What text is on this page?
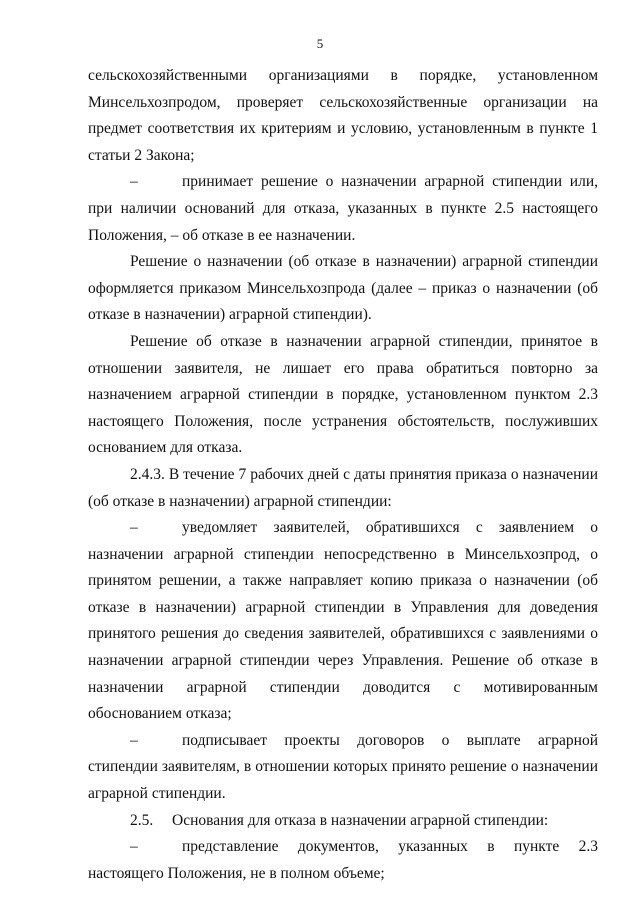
5

сельскохозяйственными организациями в порядке, установленном Минсельхозпродом, проверяет сельскохозяйственные организации на предмет соответствия их критериям и условию, установленным в пункте 1 статьи 2 Закона;

–	принимает решение о назначении аграрной стипендии или, при наличии оснований для отказа, указанных в пункте 2.5 настоящего Положения, – об отказе в ее назначении.

Решение о назначении (об отказе в назначении) аграрной стипендии оформляется приказом Минсельхозпрода (далее – приказ о назначении (об отказе в назначении) аграрной стипендии).

Решение об отказе в назначении аграрной стипендии, принятое в отношении заявителя, не лишает его права обратиться повторно за назначением аграрной стипендии в порядке, установленном пунктом 2.3 настоящего Положения, после устранения обстоятельств, послуживших основанием для отказа.

2.4.3. В течение 7 рабочих дней с даты принятия приказа о назначении (об отказе в назначении) аграрной стипендии:

–	уведомляет заявителей, обратившихся с заявлением о назначении аграрной стипендии непосредственно в Минсельхозпрод, о принятом решении, а также направляет копию приказа о назначении (об отказе в назначении) аграрной стипендии в Управления для доведения принятого решения до сведения заявителей, обратившихся с заявлениями о назначении аграрной стипендии через Управления. Решение об отказе в назначении аграрной стипендии доводится с мотивированным обоснованием отказа;

–	подписывает проекты договоров о выплате аграрной стипендии заявителям, в отношении которых принято решение о назначении аграрной стипендии.

2.5. Основания для отказа в назначении аграрной стипендии:

–	представление документов, указанных в пункте 2.3 настоящего Положения, не в полном объеме;
